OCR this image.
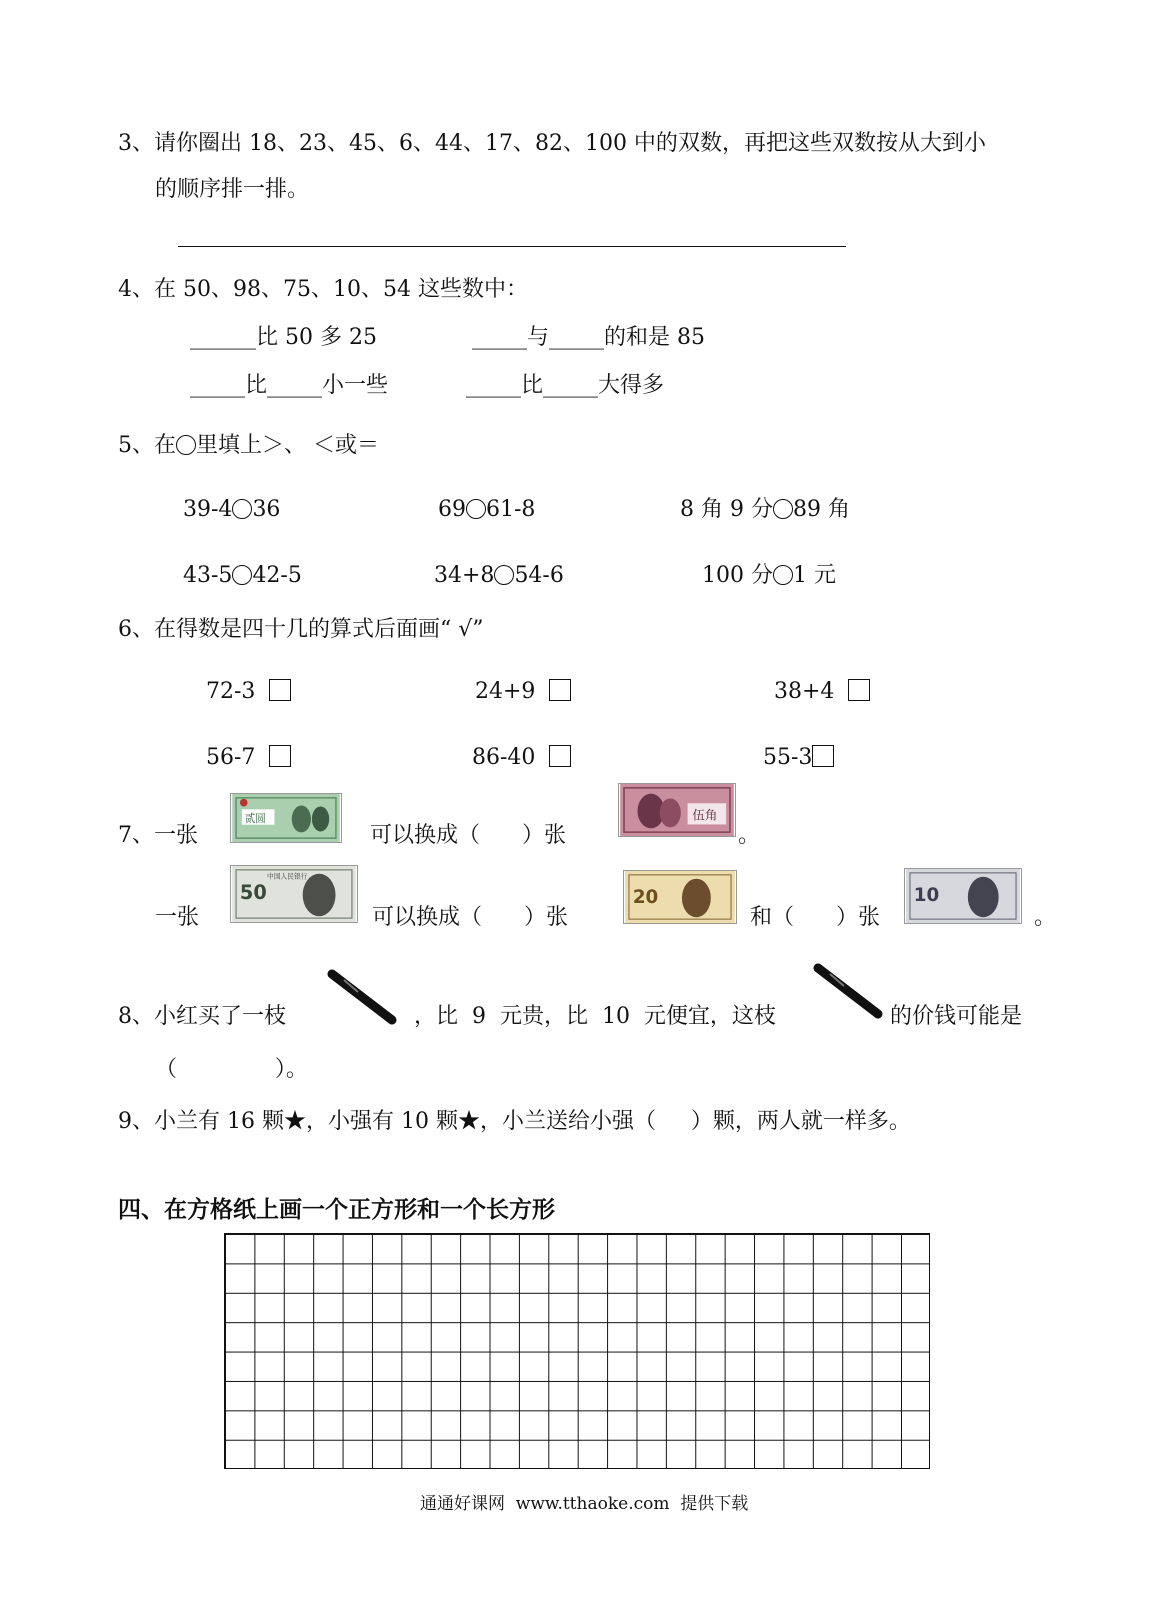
3、请你圈出 18、23、45、6、44、17、82、100 中的双数，再把这些双数按从大到小
的顺序排一排。
4、在 50、98、75、10、54 这些数中：
______比 50 多 25	_____与_____的和是 85
_____比_____小一些	_____比_____大得多
5、在 里填上＞、 ＜或＝
39-4 36	69 61-8	8 角 9 分 89 角
43-5 42-5	34+8 54-6	100 分 1 元
6、在得数是四十几的算式后面画“ √”
72-3	24+9	38+4
56-7	86-40	55-3
7、一张
贰圆
可以换成（      ）张
伍角
。
一张
50
中国人民银行
可以换成（      ）张
20
和（      ）张
10
。
8、小红买了一枝	，比  9  元贵，比  10  元便宜，这枝	的价钱可能是
（              ）。
9、小兰有 16 颗★，小强有 10 颗★，小兰送给小强（     ）颗，两人就一样多。
四、在方格纸上画一个正方形和一个长方形
通通好课网  www.tthaoke.com  提供下载
